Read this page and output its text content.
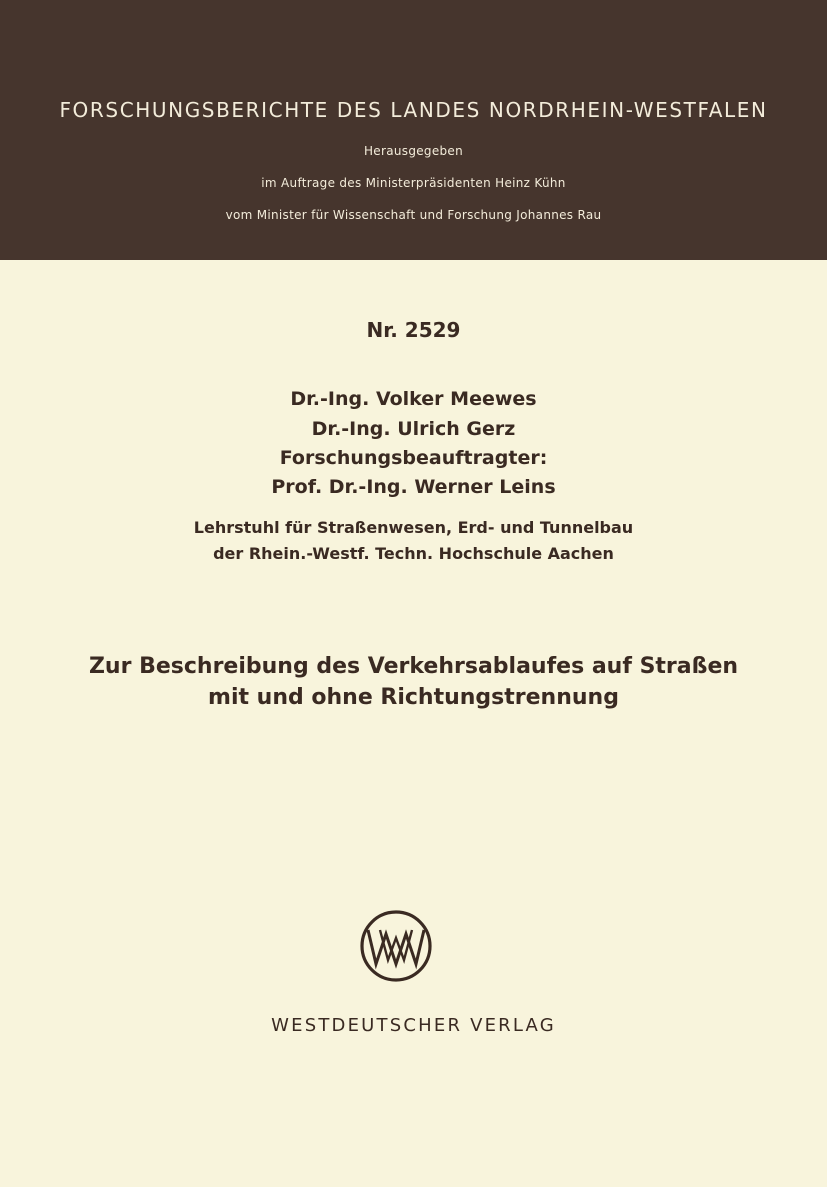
FORSCHUNGSBERICHTE DES LANDES NORDRHEIN-WESTFALEN
Herausgegeben
im Auftrage des Ministerpräsidenten Heinz Kühn
vom Minister für Wissenschaft und Forschung Johannes Rau
Nr. 2529
Dr.-Ing. Volker Meewes
Dr.-Ing. Ulrich Gerz
Forschungsbeauftragter:
Prof. Dr.-Ing. Werner Leins
Lehrstuhl für Straßenwesen, Erd- und Tunnelbau
der Rhein.-Westf. Techn. Hochschule Aachen
Zur Beschreibung des Verkehrsablaufes auf Straßen
mit und ohne Richtungstrennung
WESTDEUTSCHER VERLAG
